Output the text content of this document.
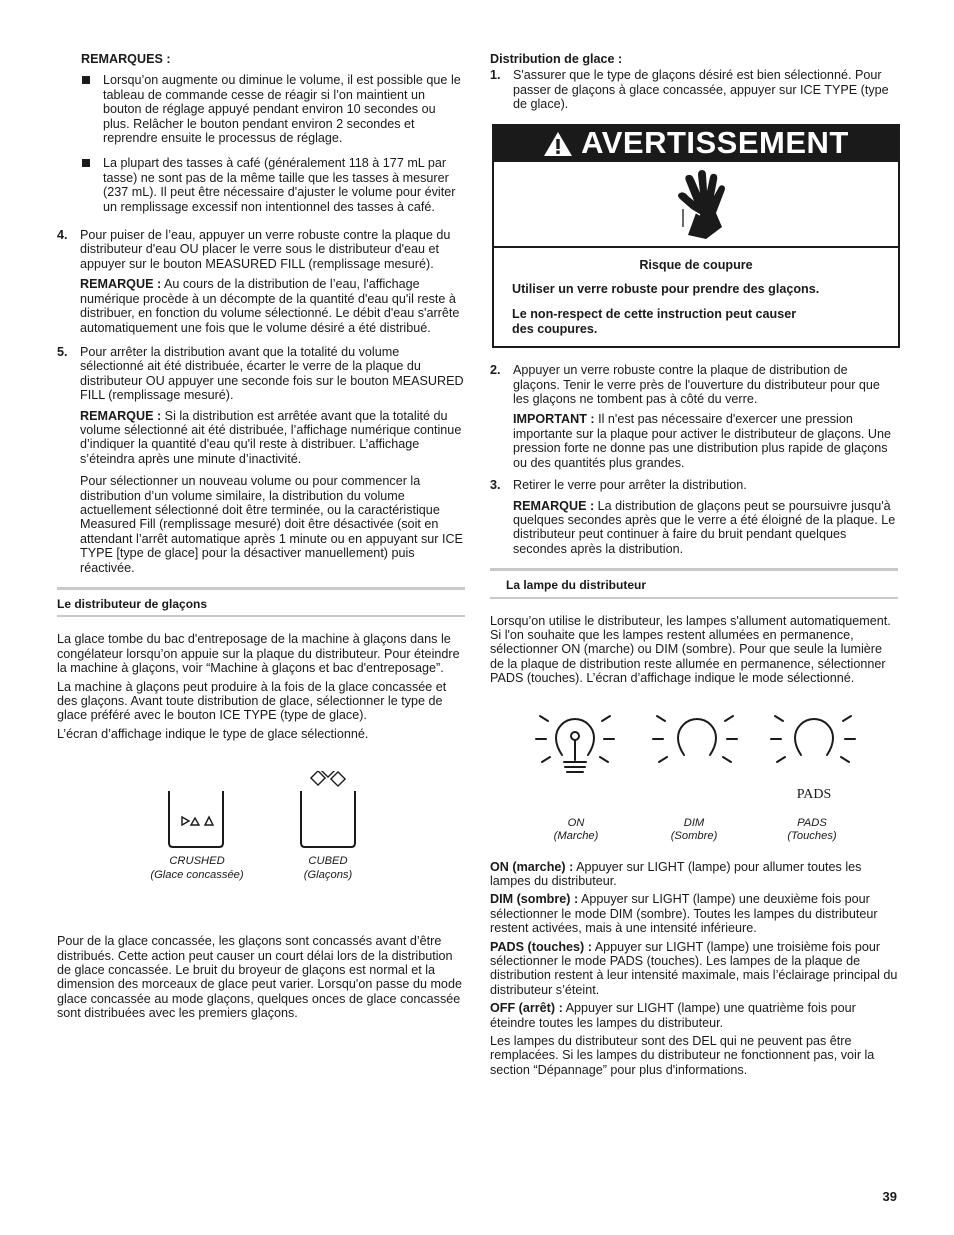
REMARQUES :

Lorsqu’on augmente ou diminue le volume, il est possible que le tableau de commande cesse de réagir si l’on maintient un bouton de réglage appuyé pendant environ 10 secondes ou plus. Relâcher le bouton pendant environ 2 secondes et reprendre ensuite le processus de réglage.

La plupart des tasses à café (généralement 118 à 177 mL par tasse) ne sont pas de la même taille que les tasses à mesurer (237 mL). Il peut être nécessaire d'ajuster le volume pour éviter un remplissage excessif non intentionnel des tasses à café.

4. Pour puiser de l’eau, appuyer un verre robuste contre la plaque du distributeur d'eau OU placer le verre sous le distributeur d'eau et appuyer sur le bouton MEASURED FILL (remplissage mesuré).

REMARQUE : Au cours de la distribution de l’eau, l'affichage numérique procède à un décompte de la quantité d'eau qu'il reste à distribuer, en fonction du volume sélectionné. Le débit d'eau s'arrête automatiquement une fois que le volume désiré a été distribué.

5. Pour arrêter la distribution avant que la totalité du volume sélectionné ait été distribuée, écarter le verre de la plaque du distributeur OU appuyer une seconde fois sur le bouton MEASURED FILL (remplissage mesuré).

REMARQUE : Si la distribution est arrêtée avant que la totalité du volume sélectionné ait été distribuée, l’affichage numérique continue d’indiquer la quantité d'eau qu'il reste à distribuer. L’affichage s’éteindra après une minute d’inactivité.

Pour sélectionner un nouveau volume ou pour commencer la distribution d’un volume similaire, la distribution du volume actuellement sélectionné doit être terminée, ou la caractéristique Measured Fill (remplissage mesuré) doit être désactivée (soit en attendant l’arrêt automatique après 1 minute ou en appuyant sur ICE TYPE [type de glace] pour la désactiver manuellement) puis réactivée.

Le distributeur de glaçons

La glace tombe du bac d'entreposage de la machine à glaçons dans le congélateur lorsqu’on appuie sur la plaque du distributeur. Pour éteindre la machine à glaçons, voir “Machine à glaçons et bac d'entreposage”.

La machine à glaçons peut produire à la fois de la glace concassée et des glaçons. Avant toute distribution de glace, sélectionner le type de glace préféré avec le bouton ICE TYPE (type de glace).

L’écran d’affichage indique le type de glace sélectionné.

CRUSHED
(Glace concassée)
CUBED
(Glaçons)

Pour de la glace concassée, les glaçons sont concassés avant d’être distribués. Cette action peut causer un court délai lors de la distribution de glace concassée. Le bruit du broyeur de glaçons est normal et la dimension des morceaux de glace peut varier. Lorsqu'on passe du mode glace concassée au mode glaçons, quelques onces de glace concassée sont distribuées avec les premiers glaçons.

Distribution de glace :

1. S'assurer que le type de glaçons désiré est bien sélectionné. Pour passer de glaçons à glace concassée, appuyer sur ICE TYPE (type de glace).

AVERTISSEMENT

Risque de coupure

Utiliser un verre robuste pour prendre des glaçons.

Le non-respect de cette instruction peut causer des coupures.

2. Appuyer un verre robuste contre la plaque de distribution de glaçons. Tenir le verre près de l'ouverture du distributeur pour que les glaçons ne tombent pas à côté du verre.

IMPORTANT : Il n'est pas nécessaire d'exercer une pression importante sur la plaque pour activer le distributeur de glaçons. Une pression forte ne donne pas une distribution plus rapide de glaçons ou des quantités plus grandes.

3. Retirer le verre pour arrêter la distribution.

REMARQUE : La distribution de glaçons peut se poursuivre jusqu'à quelques secondes après que le verre a été éloigné de la plaque. Le distributeur peut continuer à faire du bruit pendant quelques secondes après la distribution.

La lampe du distributeur

Lorsqu’on utilise le distributeur, les lampes s'allument automatiquement. Si l'on souhaite que les lampes restent allumées en permanence, sélectionner ON (marche) ou DIM (sombre). Pour que seule la lumière de la plaque de distribution reste allumée en permanence, sélectionner PADS (touches). L’écran d’affichage indique le mode sélectionné.

PADS
ON
(Marche)
DIM
(Sombre)
PADS
(Touches)

ON (marche) : Appuyer sur LIGHT (lampe) pour allumer toutes les lampes du distributeur.

DIM (sombre) : Appuyer sur LIGHT (lampe) une deuxième fois pour sélectionner le mode DIM (sombre). Toutes les lampes du distributeur restent activées, mais à une intensité inférieure.

PADS (touches) : Appuyer sur LIGHT (lampe) une troisième fois pour sélectionner le mode PADS (touches). Les lampes de la plaque de distribution restent à leur intensité maximale, mais l’éclairage principal du distributeur s’éteint.

OFF (arrêt) : Appuyer sur LIGHT (lampe) une quatrième fois pour éteindre toutes les lampes du distributeur.

Les lampes du distributeur sont des DEL qui ne peuvent pas être remplacées. Si les lampes du distributeur ne fonctionnent pas, voir la section “Dépannage” pour plus d'informations.

39
